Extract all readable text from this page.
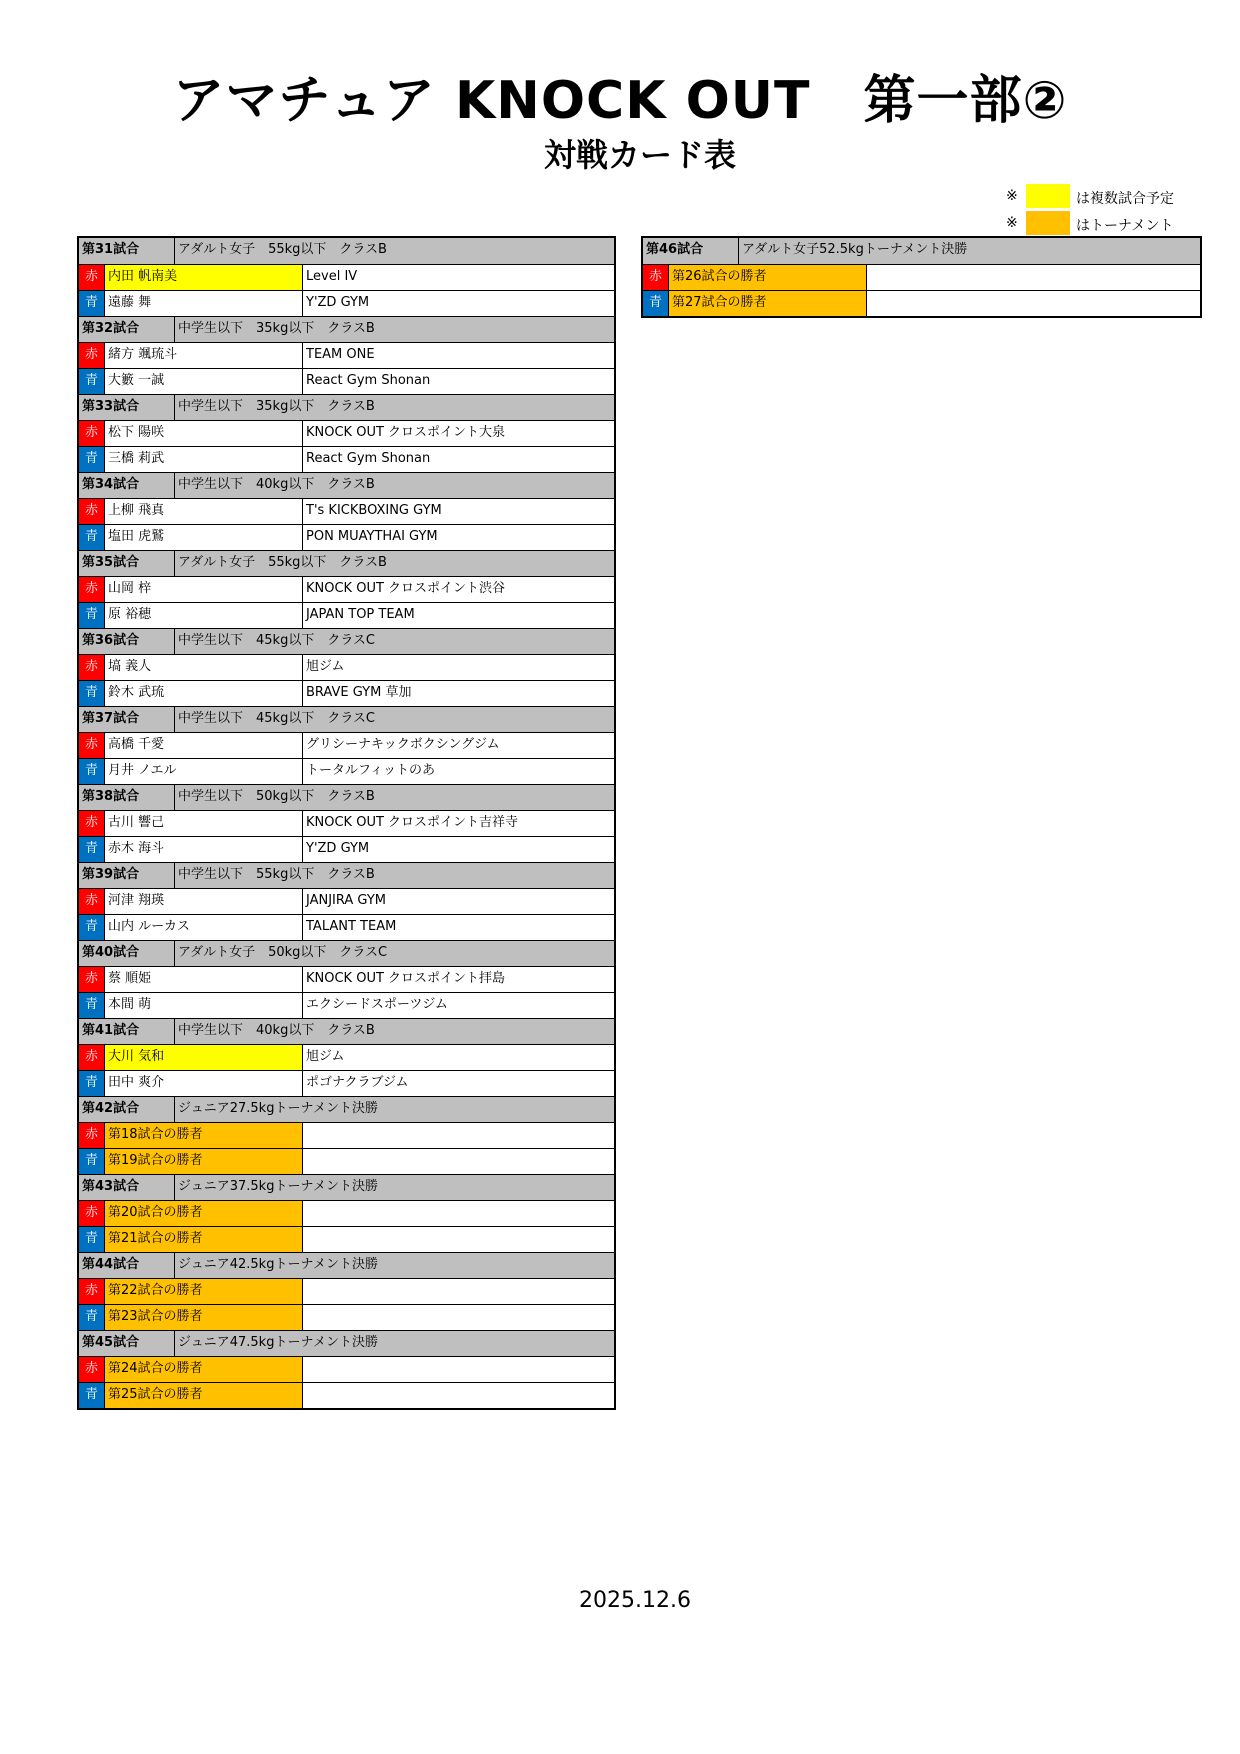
アマチュア KNOCK OUT　第一部②
対戦カード表
※	は複数試合予定
※	はトーナメント
第31試合	アダルト女子　55kg以下　クラスB
赤 内田 帆南美	Level IV
青 遠藤 舞	Y'ZD GYM
第32試合	中学生以下　35kg以下　クラスB
赤 緒方 颯琉斗	TEAM ONE
青 大籔 一誠	React Gym Shonan
第33試合	中学生以下　35kg以下　クラスB
赤 松下 陽咲	KNOCK OUT クロスポイント大泉
青 三橋 莉武	React Gym Shonan
第34試合	中学生以下　40kg以下　クラスB
赤 上柳 飛真	T's KICKBOXING GYM
青 塩田 虎鷲	PON MUAYTHAI GYM
第35試合	アダルト女子　55kg以下　クラスB
赤 山岡 梓	KNOCK OUT クロスポイント渋谷
青 原 裕穂	JAPAN TOP TEAM
第36試合	中学生以下　45kg以下　クラスC
赤 塙 義人	旭ジム
青 鈴木 武琉	BRAVE GYM 草加
第37試合	中学生以下　45kg以下　クラスC
赤 高橋 千愛	グリシーナキックボクシングジム
青 月井 ノエル	トータルフィットのあ
第38試合	中学生以下　50kg以下　クラスB
赤 古川 響己	KNOCK OUT クロスポイント吉祥寺
青 赤木 海斗	Y'ZD GYM
第39試合	中学生以下　55kg以下　クラスB
赤 河津 翔瑛	JANJIRA GYM
青 山内 ルーカス	TALANT TEAM
第40試合	アダルト女子　50kg以下　クラスC
赤 蔡 順姫	KNOCK OUT クロスポイント拝島
青 本間 萌	エクシードスポーツジム
第41試合	中学生以下　40kg以下　クラスB
赤 大川 気和	旭ジム
青 田中 爽介	ポゴナクラブジム
第42試合	ジュニア27.5kgトーナメント決勝
赤 第18試合の勝者
青 第19試合の勝者
第43試合	ジュニア37.5kgトーナメント決勝
赤 第20試合の勝者
青 第21試合の勝者
第44試合	ジュニア42.5kgトーナメント決勝
赤 第22試合の勝者
青 第23試合の勝者
第45試合	ジュニア47.5kgトーナメント決勝
赤 第24試合の勝者
青 第25試合の勝者
第46試合	アダルト女子52.5kgトーナメント決勝
赤 第26試合の勝者
青 第27試合の勝者
2025.12.6
